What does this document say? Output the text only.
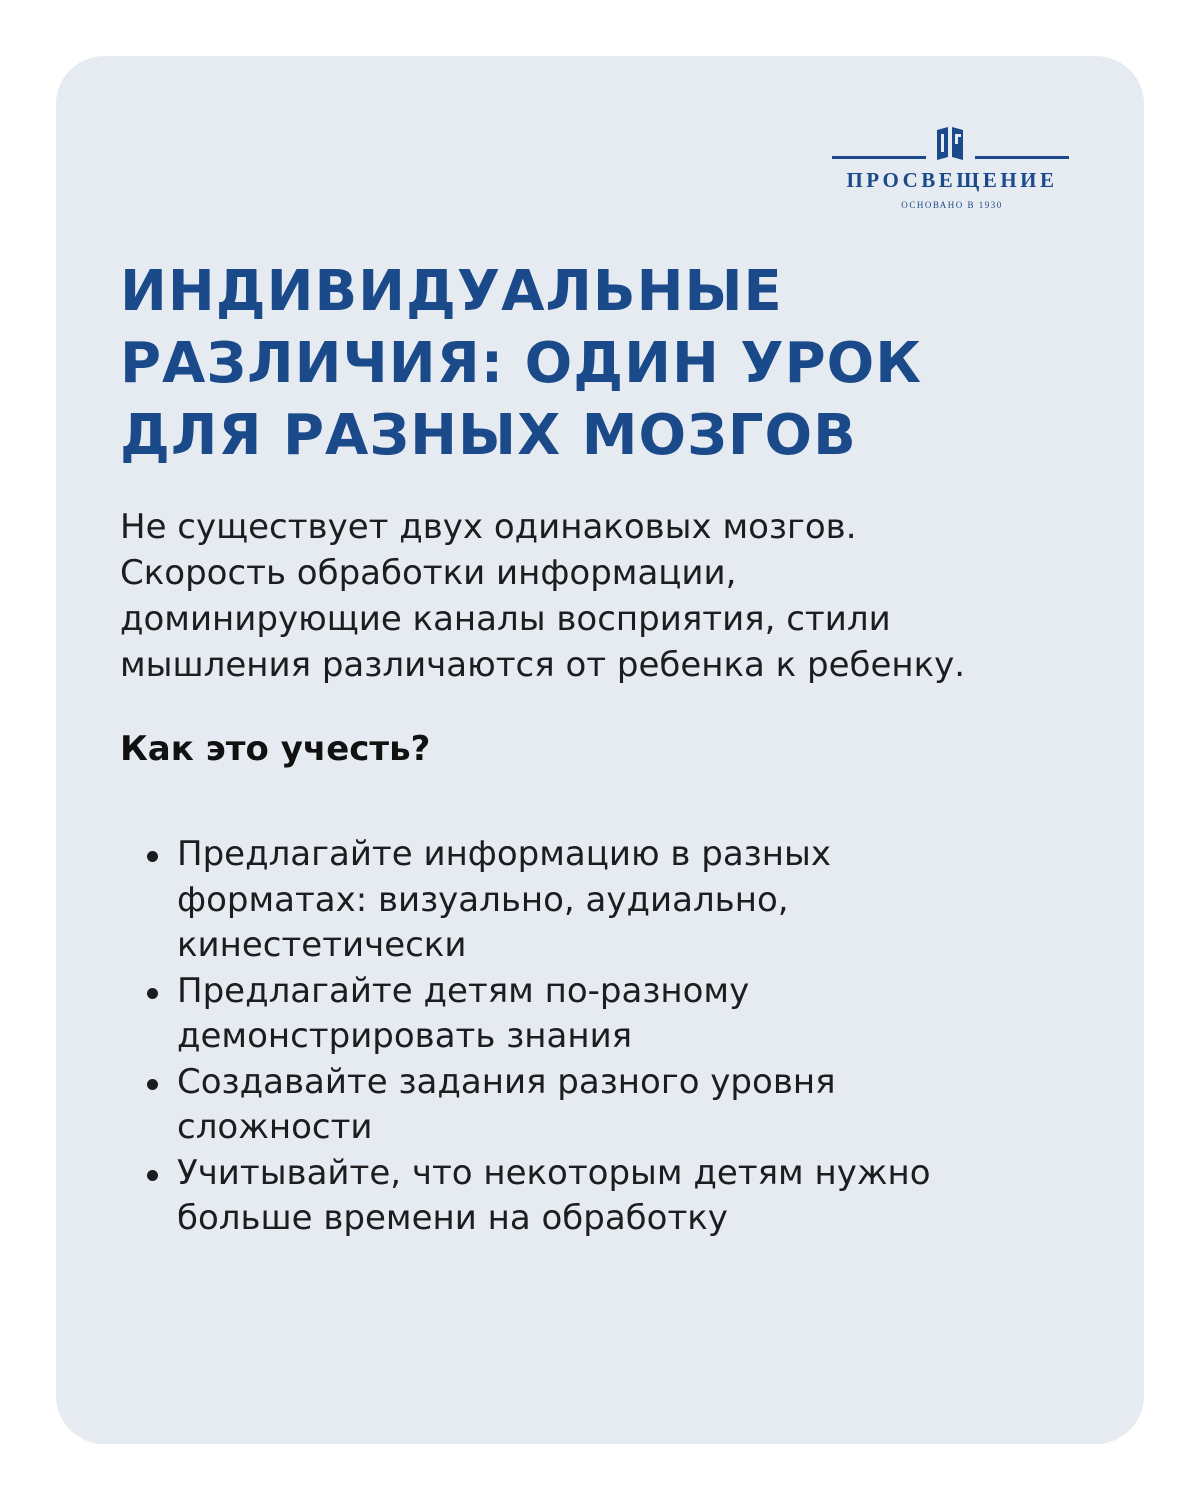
ПРОСВЕЩЕНИЕ
ОСНОВАНО В 1930
ИНДИВИДУАЛЬНЫЕ
РАЗЛИЧИЯ: ОДИН УРОК
ДЛЯ РАЗНЫХ МОЗГОВ

Не существует двух одинаковых мозгов.
Скорость обработки информации,
доминирующие каналы восприятия, стили
мышления различаются от ребенка к ребенку.

Как это учесть?

Предлагайте информацию в разных
форматах: визуально, аудиально,
кинестетически
Предлагайте детям по-разному
демонстрировать знания
Создавайте задания разного уровня
сложности
Учитывайте, что некоторым детям нужно
больше времени на обработку
